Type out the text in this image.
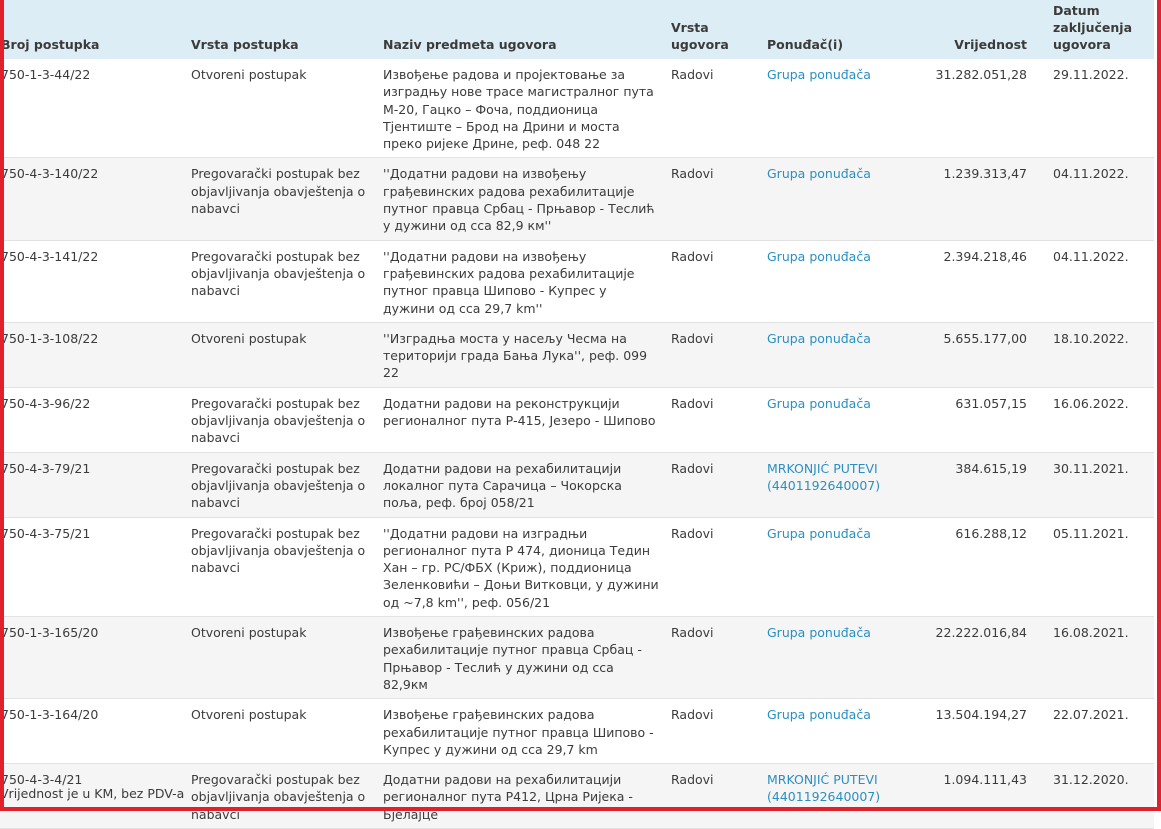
Broj postupka	Vrsta postupka	Naziv predmeta ugovora	Vrsta ugovora	Ponuđač(i)	Vrijednost	Datum zaključenja ugovora
750-1-3-44/22	Otvoreni postupak	Извођење радова и пројектовање за изградњу нове трасе магистралног пута М-20, Гацко – Фоча, поддионица Тјентиште – Брод на Дрини и моста преко ријеке Дрине, реф. 048 22	Radovi	Grupa ponuđača	31.282.051,28	29.11.2022.
750-4-3-140/22	Pregovarački postupak bez objavljivanja obavještenja o nabavci	''Додатни радови на извођењу грађевинских радова рехабилитације путног правца Србац - Прњавор - Теслић у дужини од сса 82,9 км''	Radovi	Grupa ponuđača	1.239.313,47	04.11.2022.
750-4-3-141/22	Pregovarački postupak bez objavljivanja obavještenja o nabavci	''Додатни радови на извођењу грађевинских радова рехабилитације путног правца Шипово - Купрес у дужини од сса 29,7 km''	Radovi	Grupa ponuđača	2.394.218,46	04.11.2022.
750-1-3-108/22	Otvoreni postupak	''Изградња моста у насељу Чесма на територији града Бања Лука'', реф. 099 22	Radovi	Grupa ponuđača	5.655.177,00	18.10.2022.
750-4-3-96/22	Pregovarački postupak bez objavljivanja obavještenja o nabavci	Додатни радови на реконструкцији регионалног пута Р-415, Језеро - Шипово	Radovi	Grupa ponuđača	631.057,15	16.06.2022.
750-4-3-79/21	Pregovarački postupak bez objavljivanja obavještenja o nabavci	Додатни радови на рехабилитацији локалног пута Сарачица – Чокорска поља, реф. број 058/21	Radovi	MRKONJIĆ PUTEVI (4401192640007)	384.615,19	30.11.2021.
750-4-3-75/21	Pregovarački postupak bez objavljivanja obavještenja o nabavci	''Додатни радови на изградњи регионалног пута Р 474, дионица Тедин Хан – гр. РС/ФБХ (Криж), поддионица Зеленковићи – Доњи Витковци, у дужини од ~7,8 km'', реф. 056/21	Radovi	Grupa ponuđača	616.288,12	05.11.2021.
750-1-3-165/20	Otvoreni postupak	Извођење грађевинских радова рехабилитације путног правца Србац - Прњавор - Теслић у дужини од сса 82,9км	Radovi	Grupa ponuđača	22.222.016,84	16.08.2021.
750-1-3-164/20	Otvoreni postupak	Извођење грађевинских радова рехабилитације путног правца Шипово - Купрес у дужини од сса 29,7 km	Radovi	Grupa ponuđača	13.504.194,27	22.07.2021.
750-4-3-4/21	Pregovarački postupak bez objavljivanja obavještenja o nabavci	Додатни радови на рехабилитацији регионалног пута Р412, Црна Ријека - Бјелајце	Radovi	MRKONJIĆ PUTEVI (4401192640007)	1.094.111,43	31.12.2020.
Vrijednost je u KM, bez PDV-a
